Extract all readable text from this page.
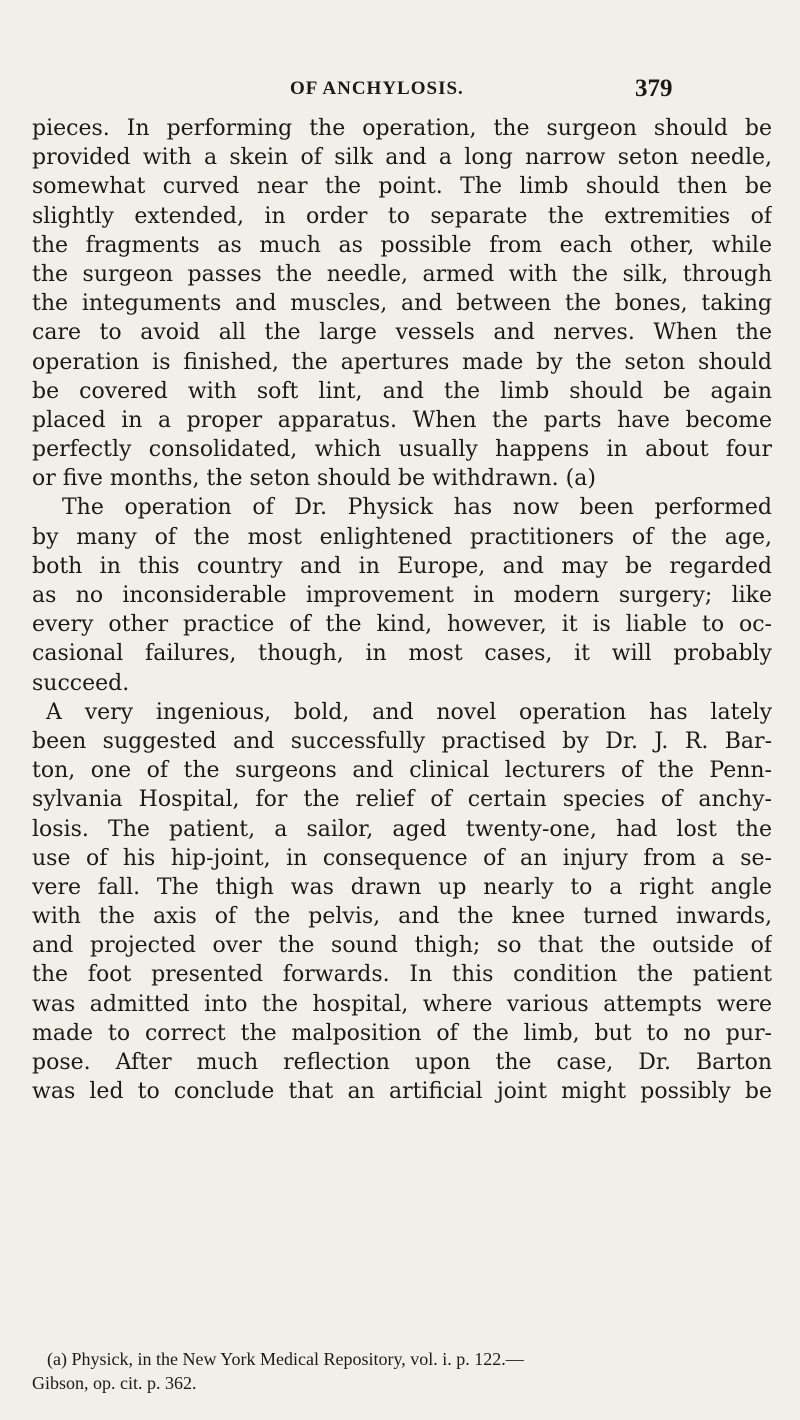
OF ANCHYLOSIS.	379
pieces. In performing the operation, the surgeon should be
provided with a skein of silk and a long narrow seton needle,
somewhat curved near the point. The limb should then be
slightly extended, in order to separate the extremities of
the fragments as much as possible from each other, while
the surgeon passes the needle, armed with the silk, through
the integuments and muscles, and between the bones, taking
care to avoid all the large vessels and nerves. When the
operation is finished, the apertures made by the seton should
be covered with soft lint, and the limb should be again
placed in a proper apparatus. When the parts have become
perfectly consolidated, which usually happens in about four
or five months, the seton should be withdrawn. (a)
The operation of Dr. Physick has now been performed
by many of the most enlightened practitioners of the age,
both in this country and in Europe, and may be regarded
as no inconsiderable improvement in modern surgery; like
every other practice of the kind, however, it is liable to oc-
casional failures, though, in most cases, it will probably
succeed.
A very ingenious, bold, and novel operation has lately
been suggested and successfully practised by Dr. J. R. Bar-
ton, one of the surgeons and clinical lecturers of the Penn-
sylvania Hospital, for the relief of certain species of anchy-
losis. The patient, a sailor, aged twenty-one, had lost the
use of his hip-joint, in consequence of an injury from a se-
vere fall. The thigh was drawn up nearly to a right angle
with the axis of the pelvis, and the knee turned inwards,
and projected over the sound thigh; so that the outside of
the foot presented forwards. In this condition the patient
was admitted into the hospital, where various attempts were
made to correct the malposition of the limb, but to no pur-
pose. After much reflection upon the case, Dr. Barton
was led to conclude that an artificial joint might possibly be
(a) Physick, in the New York Medical Repository, vol. i. p. 122.—
Gibson, op. cit. p. 362.
